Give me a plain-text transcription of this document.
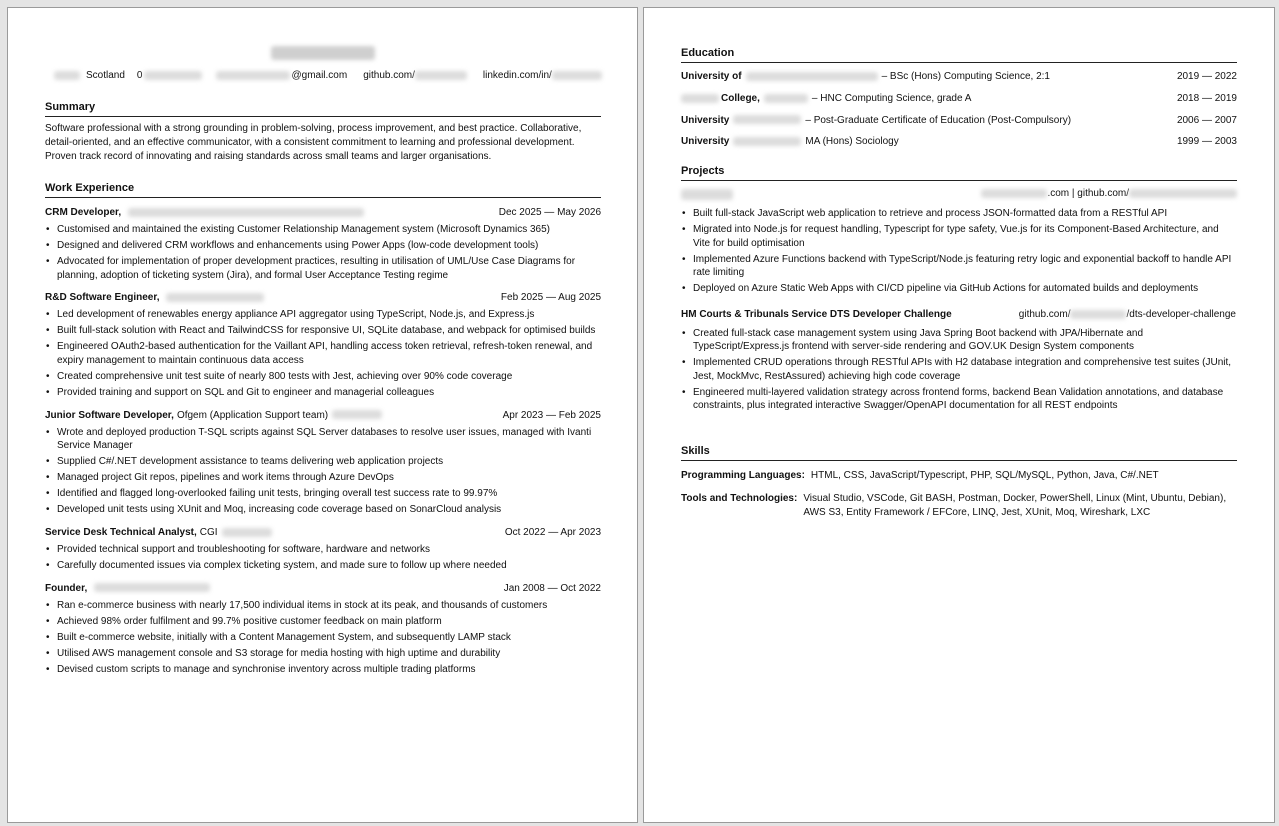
Scotland 0	@gmail.com github.com/	linkedin.com/in/
Summary
Software professional with a strong grounding in problem-solving, process improvement, and best practice. Collaborative, detail-oriented, and an effective communicator, with a consistent commitment to learning and professional development. Proven track record of innovating and raising standards across small teams and larger organisations.
Work Experience
CRM Developer,	Dec 2025 — May 2026
• Customised and maintained the existing Customer Relationship Management system (Microsoft Dynamics 365)
• Designed and delivered CRM workflows and enhancements using Power Apps (low-code development tools)
• Advocated for implementation of proper development practices, resulting in utilisation of UML/Use Case Diagrams for planning, adoption of ticketing system (Jira), and formal User Acceptance Testing regime
R&D Software Engineer,	Feb 2025 — Aug 2025
• Led development of renewables energy appliance API aggregator using TypeScript, Node.js, and Express.js
• Built full-stack solution with React and TailwindCSS for responsive UI, SQLite database, and webpack for optimised builds
• Engineered OAuth2-based authentication for the Vaillant API, handling access token retrieval, refresh-token renewal, and expiry management to maintain continuous data access
• Created comprehensive unit test suite of nearly 800 tests with Jest, achieving over 90% code coverage
• Provided training and support on SQL and Git to engineer and managerial colleagues
Junior Software Developer, Ofgem (Application Support team)	Apr 2023 — Feb 2025
• Wrote and deployed production T-SQL scripts against SQL Server databases to resolve user issues, managed with Ivanti Service Manager
• Supplied C#/.NET development assistance to teams delivering web application projects
• Managed project Git repos, pipelines and work items through Azure DevOps
• Identified and flagged long-overlooked failing unit tests, bringing overall test success rate to 99.97%
• Developed unit tests using XUnit and Moq, increasing code coverage based on SonarCloud analysis
Service Desk Technical Analyst, CGI	Oct 2022 — Apr 2023
• Provided technical support and troubleshooting for software, hardware and networks
• Carefully documented issues via complex ticketing system, and made sure to follow up where needed
Founder,	Jan 2008 — Oct 2022
• Ran e-commerce business with nearly 17,500 individual items in stock at its peak, and thousands of customers
• Achieved 98% order fulfilment and 99.7% positive customer feedback on main platform
• Built e-commerce website, initially with a Content Management System, and subsequently LAMP stack
• Utilised AWS management console and S3 storage for media hosting with high uptime and durability
• Devised custom scripts to manage and synchronise inventory across multiple trading platforms
Education
University of	– BSc (Hons) Computing Science, 2:1	2019 — 2022
College,	– HNC Computing Science, grade A	2018 — 2019
University	– Post-Graduate Certificate of Education (Post-Compulsory)	2006 — 2007
University	MA (Hons) Sociology	1999 — 2003
Projects
.com | github.com/
• Built full-stack JavaScript web application to retrieve and process JSON-formatted data from a RESTful API
• Migrated into Node.js for request handling, Typescript for type safety, Vue.js for its Component-Based Architecture, and Vite for build optimisation
• Implemented Azure Functions backend with TypeScript/Node.js featuring retry logic and exponential backoff to handle API rate limiting
• Deployed on Azure Static Web Apps with CI/CD pipeline via GitHub Actions for automated builds and deployments
HM Courts & Tribunals Service DTS Developer Challenge	github.com/	/dts-developer-challenge
• Created full-stack case management system using Java Spring Boot backend with JPA/Hibernate and TypeScript/Express.js frontend with server-side rendering and GOV.UK Design System components
• Implemented CRUD operations through RESTful APIs with H2 database integration and comprehensive test suites (JUnit, Jest, MockMvc, RestAssured) achieving high code coverage
• Engineered multi-layered validation strategy across frontend forms, backend Bean Validation annotations, and database constraints, plus integrated interactive Swagger/OpenAPI documentation for all REST endpoints
Skills
Programming Languages: HTML, CSS, JavaScript/Typescript, PHP, SQL/MySQL, Python, Java, C#/.NET
Tools and Technologies: Visual Studio, VSCode, Git BASH, Postman, Docker, PowerShell, Linux (Mint, Ubuntu, Debian), AWS S3, Entity Framework / EFCore, LINQ, Jest, XUnit, Moq, Wireshark, LXC
